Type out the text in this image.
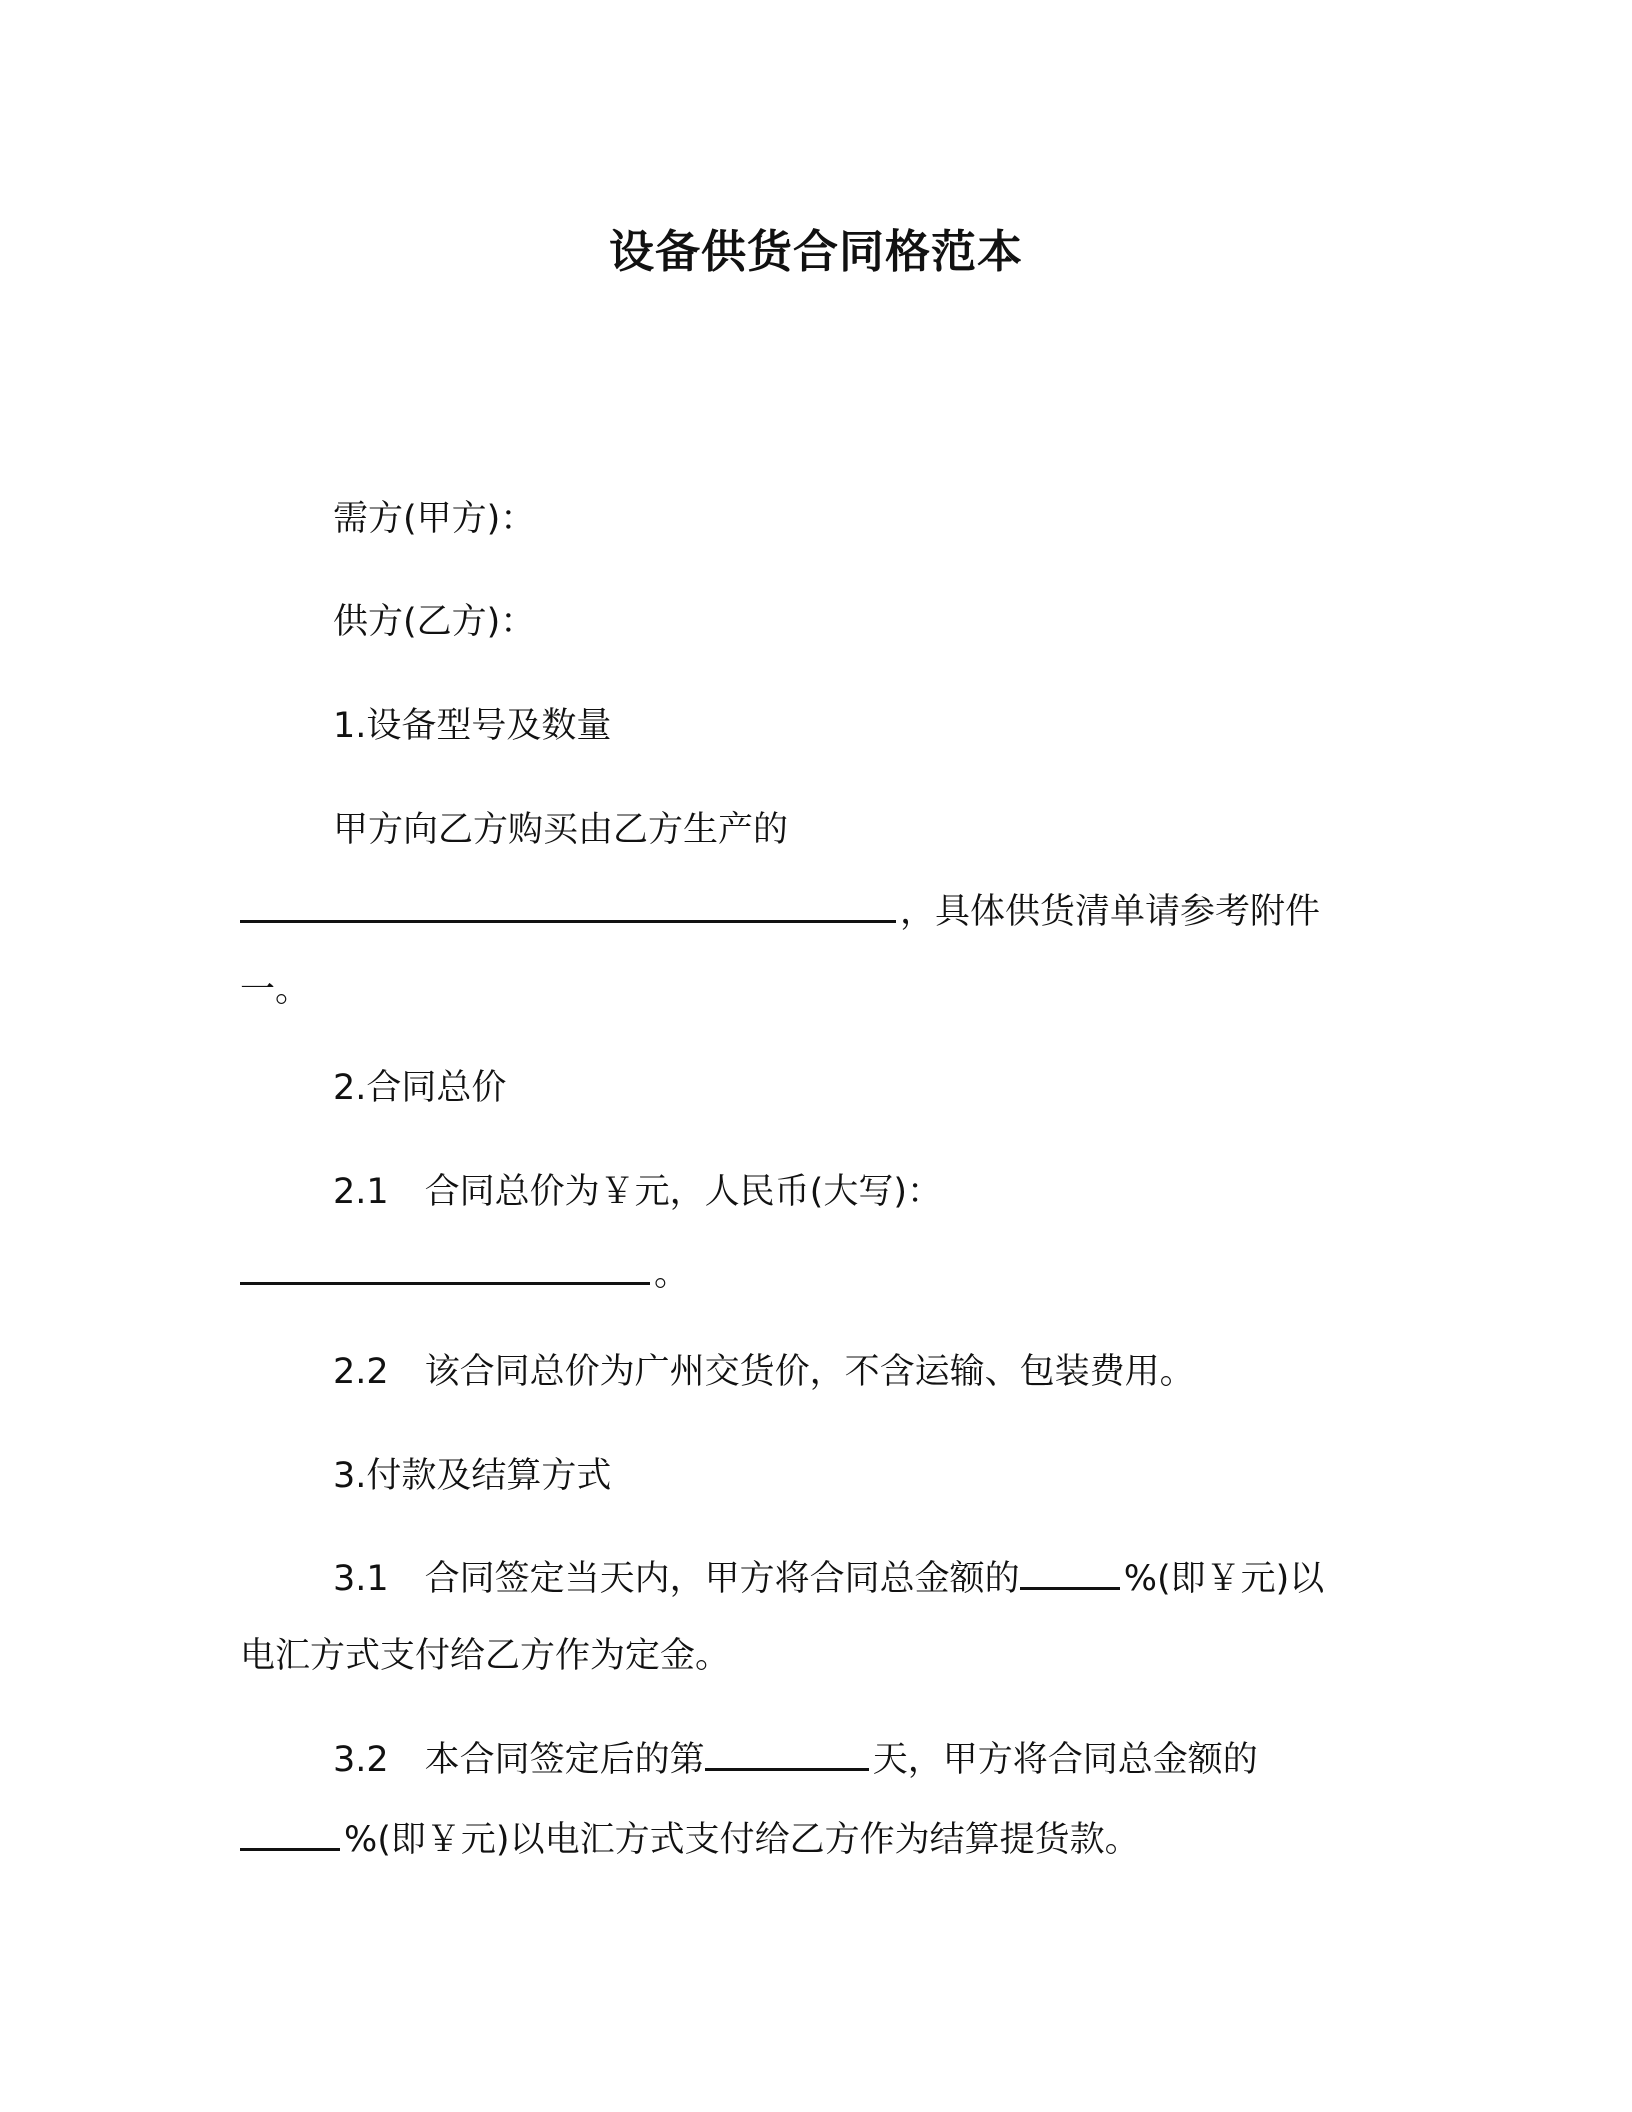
设备供货合同格范本
需方(甲方)：
供方(乙方)：
1.设备型号及数量
甲方向乙方购买由乙方生产的
，具体供货清单请参考附件
一。
2.合同总价
2.1 合同总价为￥元，人民币(大写)：
。
2.2 该合同总价为广州交货价，不含运输、包装费用。
3.付款及结算方式
3.1 合同签定当天内，甲方将合同总金额的	%(即￥元)以
电汇方式支付给乙方作为定金。
3.2 本合同签定后的第	天，甲方将合同总金额的
%(即￥元)以电汇方式支付给乙方作为结算提货款。
